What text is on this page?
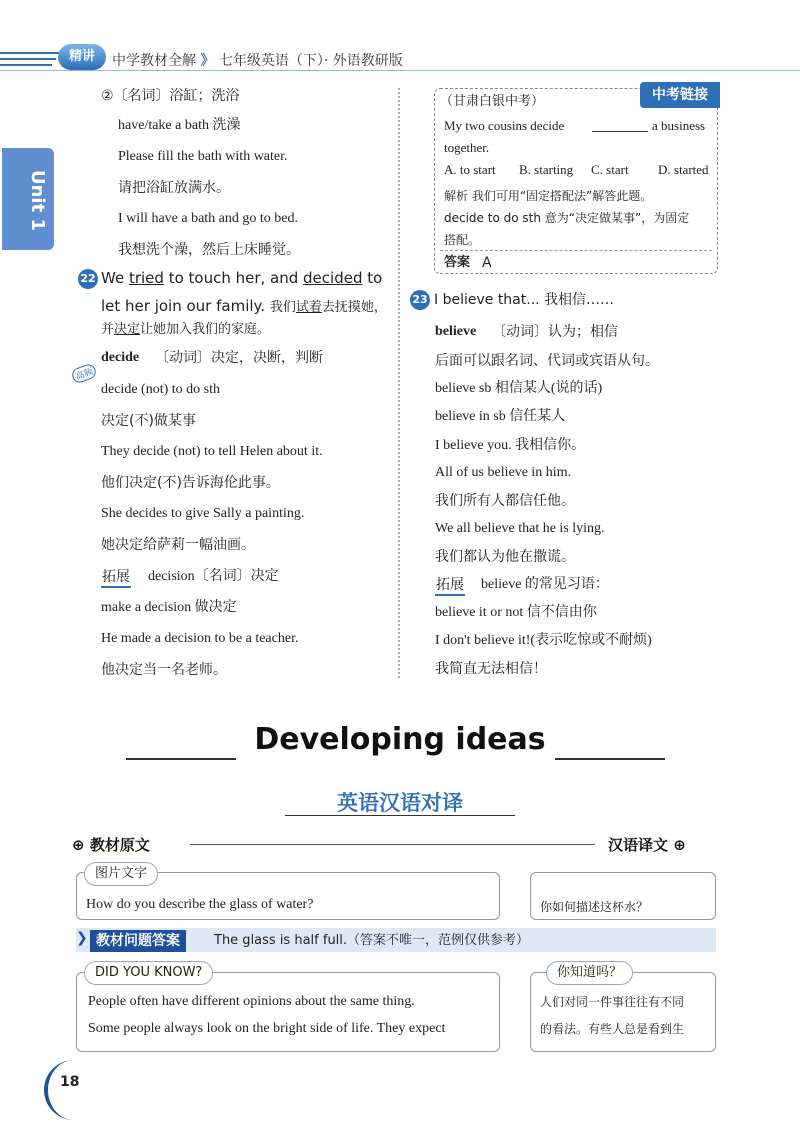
精讲	中学教材全解 》 七年级英语（下）· 外语教研版
Unit 1
②〔名词〕浴缸；洗浴
have/take a bath 洗澡
Please fill the bath with water.
请把浴缸放满水。
I will have a bath and go to bed.
我想洗个澡，然后上床睡觉。
22 We tried to touch her, and decided to
let her join our family. 我们试着去抚摸她，
并决定让她加入我们的家庭。
decide 〔动词〕决定，决断，判断
高频
decide (not) to do sth
决定(不)做某事
They decide (not) to tell Helen about it.
他们决定(不)告诉海伦此事。
She decides to give Sally a painting.
她决定给萨莉一幅油画。
拓展 decision〔名词〕决定
make a decision 做决定
He made a decision to be a teacher.
他决定当一名老师。
中考链接
（甘肃白银中考）
My two cousins decide	a business
together.
A. to start B. starting C. start D. started
解析 我们可用“固定搭配法”解答此题。
decide to do sth 意为“决定做某事”，为固定
搭配。
答案 A
23 I believe that... 我相信……
believe 〔动词〕认为；相信
后面可以跟名词、代词或宾语从句。
believe sb 相信某人(说的话)
believe in sb 信任某人
I believe you. 我相信你。
All of us believe in him.
我们所有人都信任他。
We all believe that he is lying.
我们都认为他在撒谎。
拓展 believe 的常见习语：
believe it or not 信不信由你
I don't believe it!(表示吃惊或不耐烦)
我简直无法相信！
Developing ideas
英语汉语对译
⊕ 教材原文	汉语译文 ⊕
图片文字
How do you describe the glass of water?	你如何描述这杯水？
❯ 教材问题答案	The glass is half full.（答案不唯一，范例仅供参考）
DID YOU KNOW?
People often have different opinions about the same thing.
Some people always look on the bright side of life. They expect
你知道吗？
人们对同一件事往往有不同
的看法。有些人总是看到生
18
